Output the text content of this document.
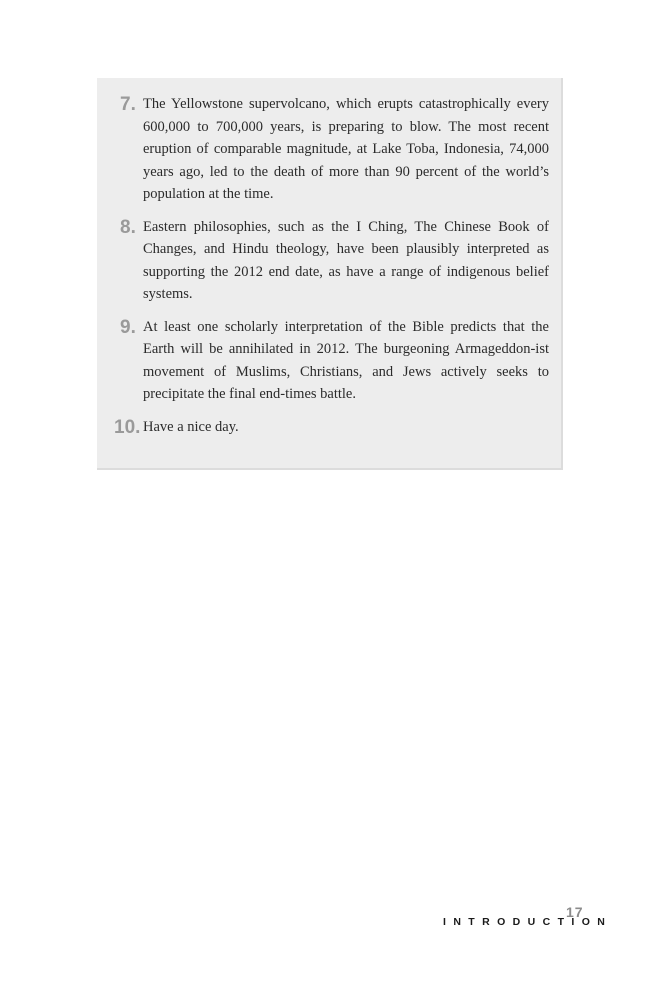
7. The Yellowstone supervolcano, which erupts catastrophically every 600,000 to 700,000 years, is preparing to blow. The most recent eruption of comparable magnitude, at Lake Toba, Indonesia, 74,000 years ago, led to the death of more than 90 percent of the world’s population at the time.
8. Eastern philosophies, such as the I Ching, The Chinese Book of Changes, and Hindu theology, have been plausibly interpreted as supporting the 2012 end date, as have a range of indigenous belief systems.
9. At least one scholarly interpretation of the Bible predicts that the Earth will be annihilated in 2012. The burgeoning Armageddon-ist movement of Muslims, Christians, and Jews actively seeks to precipitate the final end-times battle.
10. Have a nice day.
INTRODUCTION
17
